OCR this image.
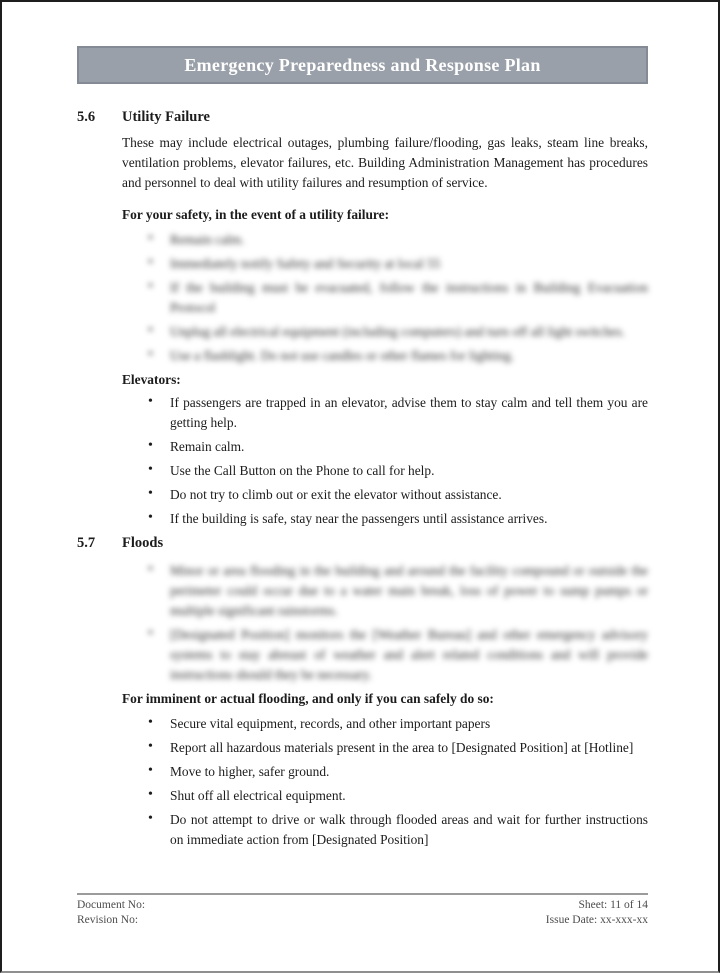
Emergency Preparedness and Response Plan
5.6	Utility Failure

These may include electrical outages, plumbing failure/flooding, gas leaks, steam line breaks, ventilation problems, elevator failures, etc. Building Administration Management has procedures and personnel to deal with utility failures and resumption of service.

For your safety, in the event of a utility failure:

• Remain calm.
• Immediately notify Safety and Security at local 55
• If the building must be evacuated, follow the instructions in Building Evacuation Protocol
• Unplug all electrical equipment (including computers) and turn off all light switches.
• Use a flashlight. Do not use candles or other flames for lighting.

Elevators:

• If passengers are trapped in an elevator, advise them to stay calm and tell them you are getting help.
• Remain calm.
• Use the Call Button on the Phone to call for help.
• Do not try to climb out or exit the elevator without assistance.
• If the building is safe, stay near the passengers until assistance arrives.
5.7	Floods
• Minor or area flooding in the building and around the facility compound or outside the perimeter could occur due to a water main break, loss of power to sump pumps or multiple significant rainstorms.
• [Designated Position] monitors the [Weather Bureau] and other emergency advisory systems to stay abreast of weather and alert related conditions and will provide instructions should they be necessary.

For imminent or actual flooding, and only if you can safely do so:

• Secure vital equipment, records, and other important papers
• Report all hazardous materials present in the area to [Designated Position] at [Hotline]
• Move to higher, safer ground.
• Shut off all electrical equipment.
• Do not attempt to drive or walk through flooded areas and wait for further instructions on immediate action from [Designated Position]
Document No:
Revision No:
Sheet: 11 of 14
Issue Date: xx-xxx-xx
